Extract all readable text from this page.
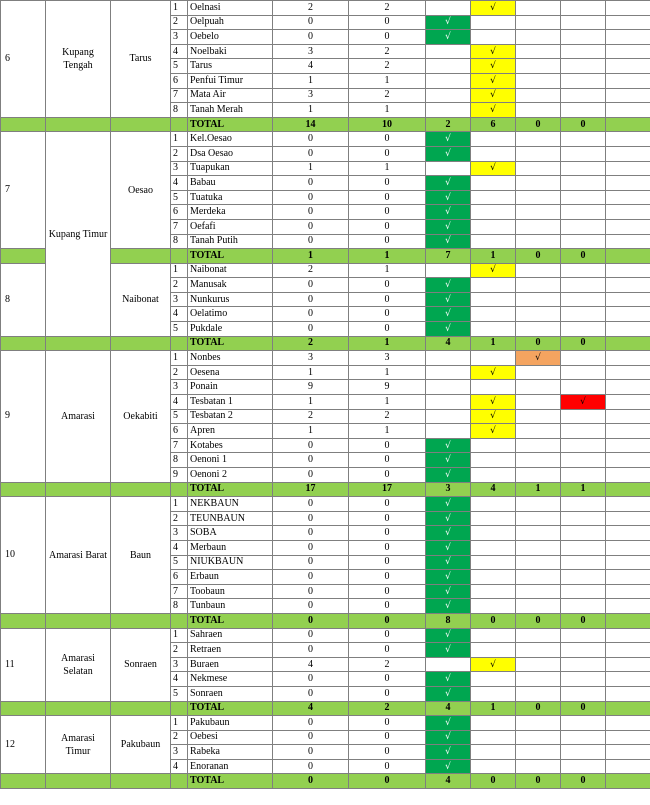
6	Kupang Tengah	Tarus	1	Oelnasi	2	2		√			
			2	Oelpuah	0	0	√				
			3	Oebelo	0	0	√				
			4	Noelbaki	3	2		√			
			5	Tarus	4	2		√			
			6	Penfui Timur	1	1		√			
			7	Mata Air	3	2		√			
			8	Tanah Merah	1	1		√			
				TOTAL	14	10	2	6	0	0	
7	Kupang Timur	Oesao	1	Kel.Oesao	0	0	√				
			2	Dsa Oesao	0	0	√				
			3	Tuapukan	1	1		√			
			4	Babau	0	0	√				
			5	Tuatuka	0	0	√				
			6	Merdeka	0	0	√				
			7	Oefafi	0	0	√				
			8	Tanah Putih	0	0	√				
				TOTAL	1	1	7	1	0	0	
8		Naibonat	1	Naibonat	2	1		√			
			2	Manusak	0	0	√				
			3	Nunkurus	0	0	√				
			4	Oelatimo	0	0	√				
			5	Pukdale	0	0	√				
				TOTAL	2	1	4	1	0	0	
9	Amarasi	Oekabiti	1	Nonbes	3	3			√		
			2	Oesena	1	1		√			
			3	Ponain	9	9					
			4	Tesbatan 1	1	1		√		√	
			5	Tesbatan 2	2	2		√			
			6	Apren	1	1		√			
			7	Kotabes	0	0	√				
			8	Oenoni 1	0	0	√				
			9	Oenoni 2	0	0	√				
				TOTAL	17	17	3	4	1	1	
10	Amarasi Barat	Baun	1	NEKBAUN	0	0	√				
			2	TEUNBAUN	0	0	√				
			3	SOBA	0	0	√				
			4	Merbaun	0	0	√				
			5	NIUKBAUN	0	0	√				
			6	Erbaun	0	0	√				
			7	Toobaun	0	0	√				
			8	Tunbaun	0	0	√				
				TOTAL	0	0	8	0	0	0	
11	Amarasi Selatan	Sonraen	1	Sahraen	0	0	√				
			2	Retraen	0	0	√				
			3	Buraen	4	2		√			
			4	Nekmese	0	0	√				
			5	Sonraen	0	0	√				
				TOTAL	4	2	4	1	0	0	
12	Amarasi Timur	Pakubaun	1	Pakubaun	0	0	√				
			2	Oebesi	0	0	√				
			3	Rabeka	0	0	√				
			4	Enoranan	0	0	√				
				TOTAL	0	0	4	0	0	0	
